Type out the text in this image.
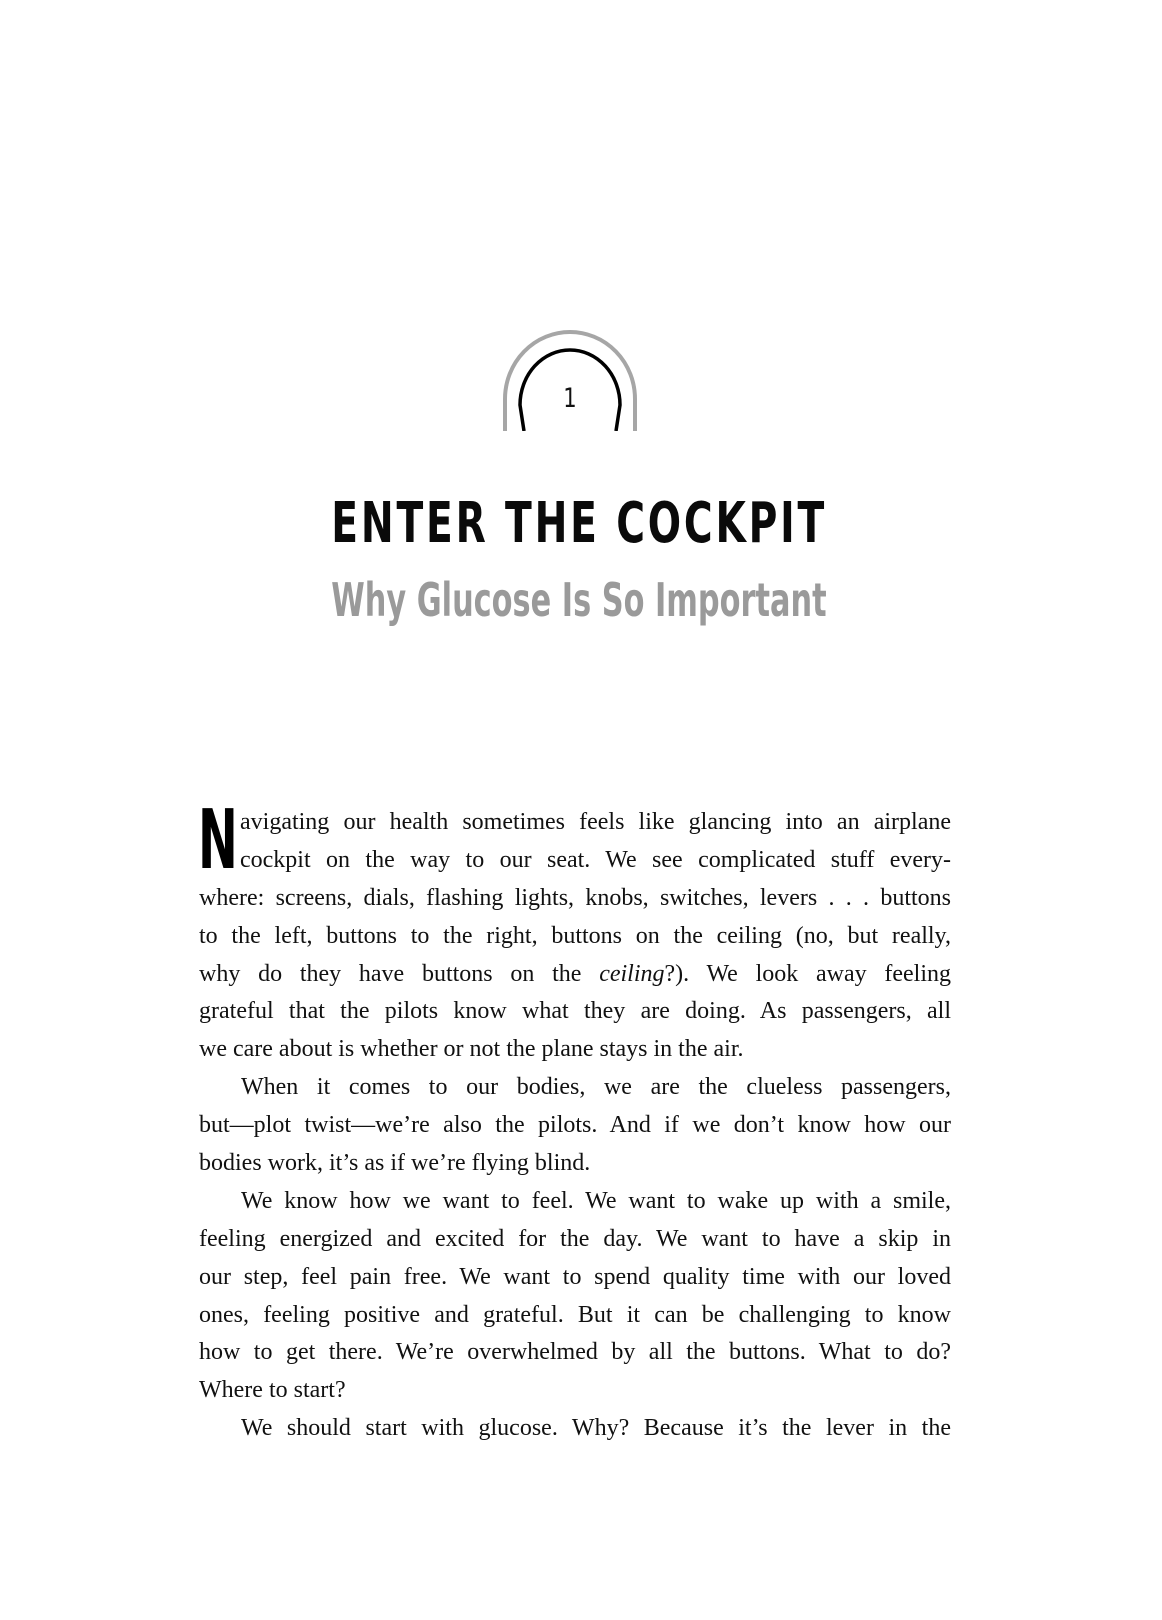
1
ENTER THE COCKPIT
Why Glucose Is So Important
N avigating our health sometimes feels like glancing into an airplane
cockpit on the way to our seat. We see complicated stuff every-
where: screens, dials, flashing lights, knobs, switches, levers . . . buttons
to the left, buttons to the right, buttons on the ceiling (no, but really,
why do they have buttons on the ceiling?). We look away feeling
grateful that the pilots know what they are doing. As passengers, all
we care about is whether or not the plane stays in the air.
When it comes to our bodies, we are the clueless passengers,
but—plot twist—we’re also the pilots. And if we don’t know how our
bodies work, it’s as if we’re flying blind.
We know how we want to feel. We want to wake up with a smile,
feeling energized and excited for the day. We want to have a skip in
our step, feel pain free. We want to spend quality time with our loved
ones, feeling positive and grateful. But it can be challenging to know
how to get there. We’re overwhelmed by all the buttons. What to do?
Where to start?
We should start with glucose. Why? Because it’s the lever in the
